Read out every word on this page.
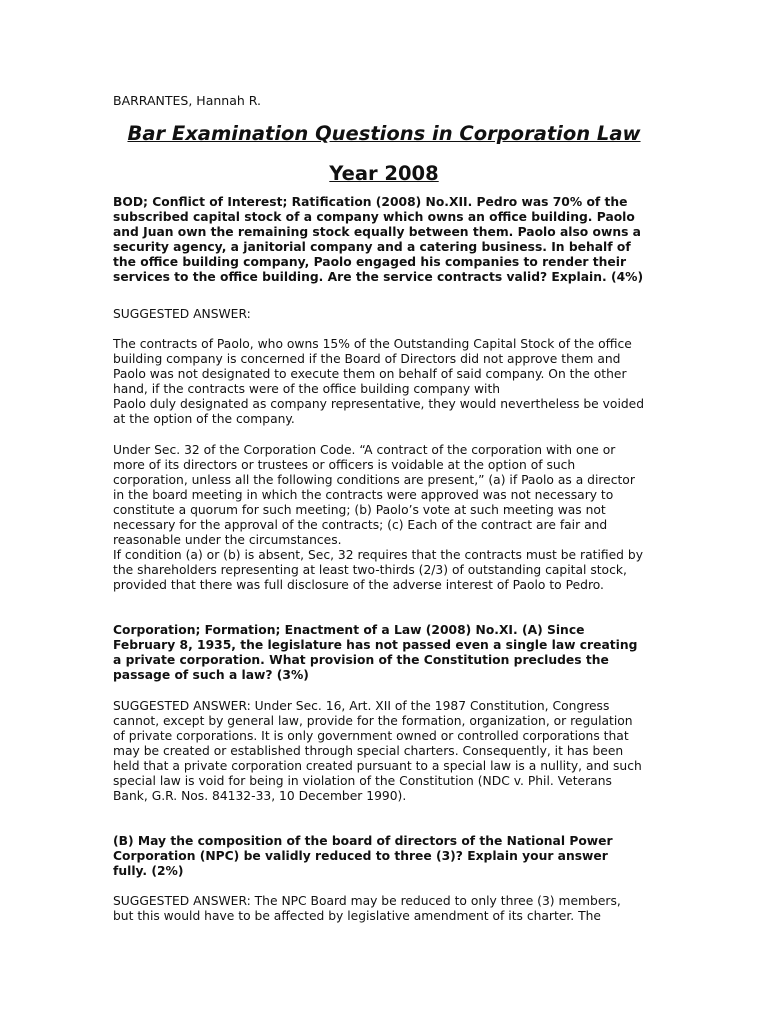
BARRANTES, Hannah R.
Bar Examination Questions in Corporation Law
Year 2008
BOD; Conflict of Interest; Ratification (2008) No.XII. Pedro was 70% of the
subscribed capital stock of a company which owns an office building. Paolo
and Juan own the remaining stock equally between them. Paolo also owns a
security agency, a janitorial company and a catering business. In behalf of
the office building company, Paolo engaged his companies to render their
services to the office building. Are the service contracts valid? Explain. (4%)
SUGGESTED ANSWER:
The contracts of Paolo, who owns 15% of the Outstanding Capital Stock of the office
building company is concerned if the Board of Directors did not approve them and
Paolo was not designated to execute them on behalf of said company. On the other
hand, if the contracts were of the office building company with
Paolo duly designated as company representative, they would nevertheless be voided
at the option of the company.
Under Sec. 32 of the Corporation Code. “A contract of the corporation with one or
more of its directors or trustees or officers is voidable at the option of such
corporation, unless all the following conditions are present,” (a) if Paolo as a director
in the board meeting in which the contracts were approved was not necessary to
constitute a quorum for such meeting; (b) Paolo’s vote at such meeting was not
necessary for the approval of the contracts; (c) Each of the contract are fair and
reasonable under the circumstances.
If condition (a) or (b) is absent, Sec, 32 requires that the contracts must be ratified by
the shareholders representing at least two-thirds (2/3) of outstanding capital stock,
provided that there was full disclosure of the adverse interest of Paolo to Pedro.
Corporation; Formation; Enactment of a Law (2008) No.XI. (A) Since
February 8, 1935, the legislature has not passed even a single law creating
a private corporation. What provision of the Constitution precludes the
passage of such a law? (3%)
SUGGESTED ANSWER: Under Sec. 16, Art. XII of the 1987 Constitution, Congress
cannot, except by general law, provide for the formation, organization, or regulation
of private corporations. It is only government owned or controlled corporations that
may be created or established through special charters. Consequently, it has been
held that a private corporation created pursuant to a special law is a nullity, and such
special law is void for being in violation of the Constitution (NDC v. Phil. Veterans
Bank, G.R. Nos. 84132-33, 10 December 1990).
(B) May the composition of the board of directors of the National Power
Corporation (NPC) be validly reduced to three (3)? Explain your answer
fully. (2%)
SUGGESTED ANSWER: The NPC Board may be reduced to only three (3) members,
but this would have to be affected by legislative amendment of its charter. The
